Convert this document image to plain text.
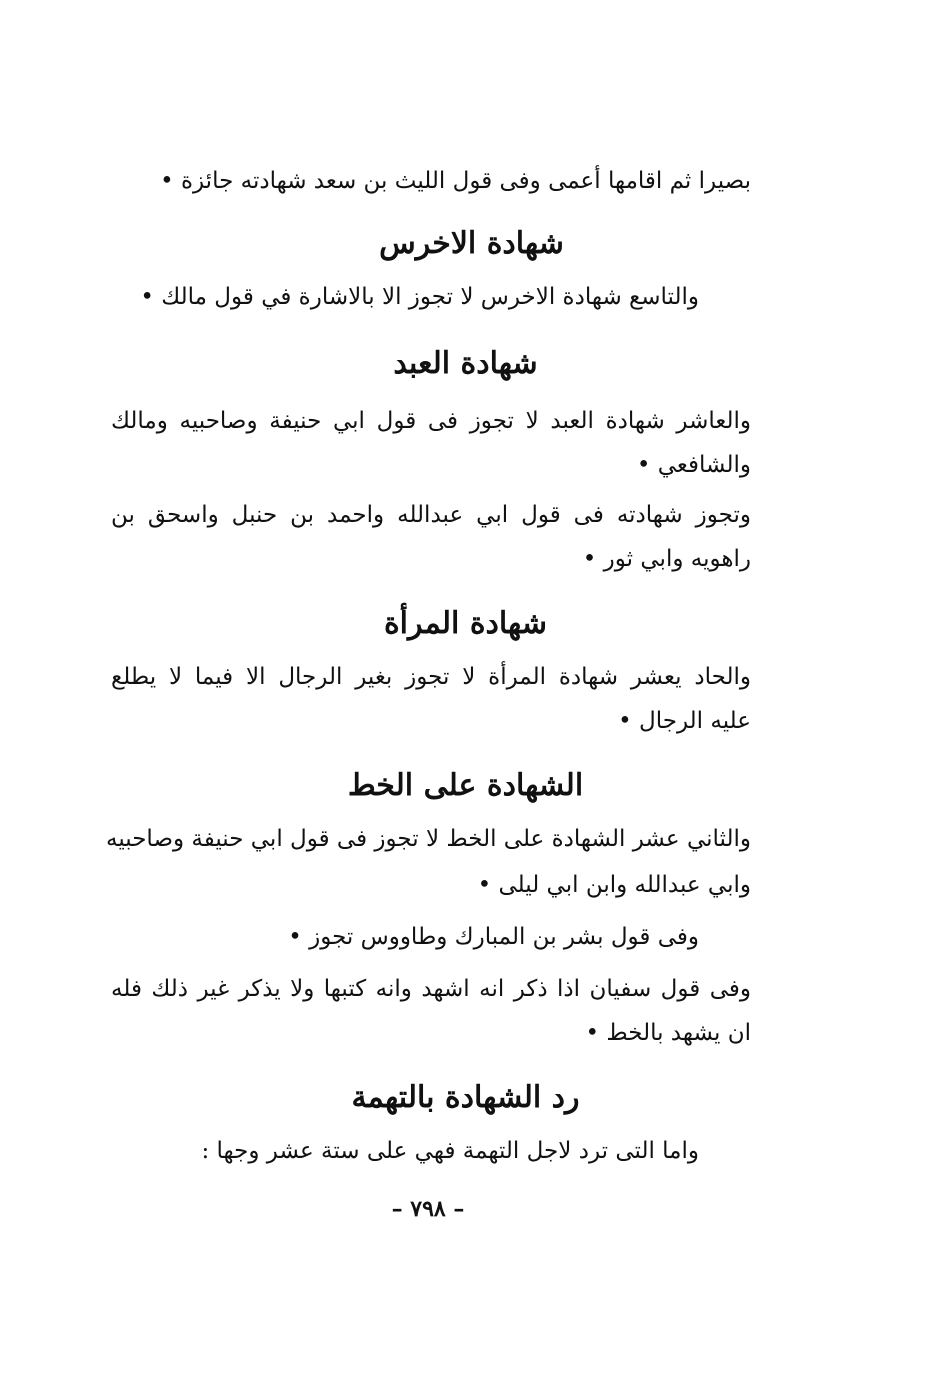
بصيرا ثم اقامها أعمى وفى قول الليث بن سعد شهادته جائزة •
شهادة الاخرس
والتاسع شهادة الاخرس لا تجوز الا بالاشارة في قول مالك •
شهادة العبد
والعاشر شهادة العبد لا تجوز فى قول ابي حنيفة وصاحبيه ومالك
والشافعي •
وتجوز شهادته فى قول ابي عبدالله واحمد بن حنبل واسحق بن
راهويه وابي ثور •
شهادة المرأة
والحاد يعشر شهادة المرأة لا تجوز بغير الرجال الا فيما لا يطلع
عليه الرجال •
الشهادة على الخط
والثاني عشر الشهادة على الخط لا تجوز فى قول ابي حنيفة وصاحبيه
وابي عبدالله وابن ابي ليلى •
وفى قول بشر بن المبارك وطاووس تجوز •
وفى قول سفيان اذا ذكر انه اشهد وانه كتبها ولا يذكر غير ذلك فله
ان يشهد بالخط •
رد الشهادة بالتهمة
واما التى ترد لاجل التهمة فهي على ستة عشر وجها :
– ٧٩٨ –
